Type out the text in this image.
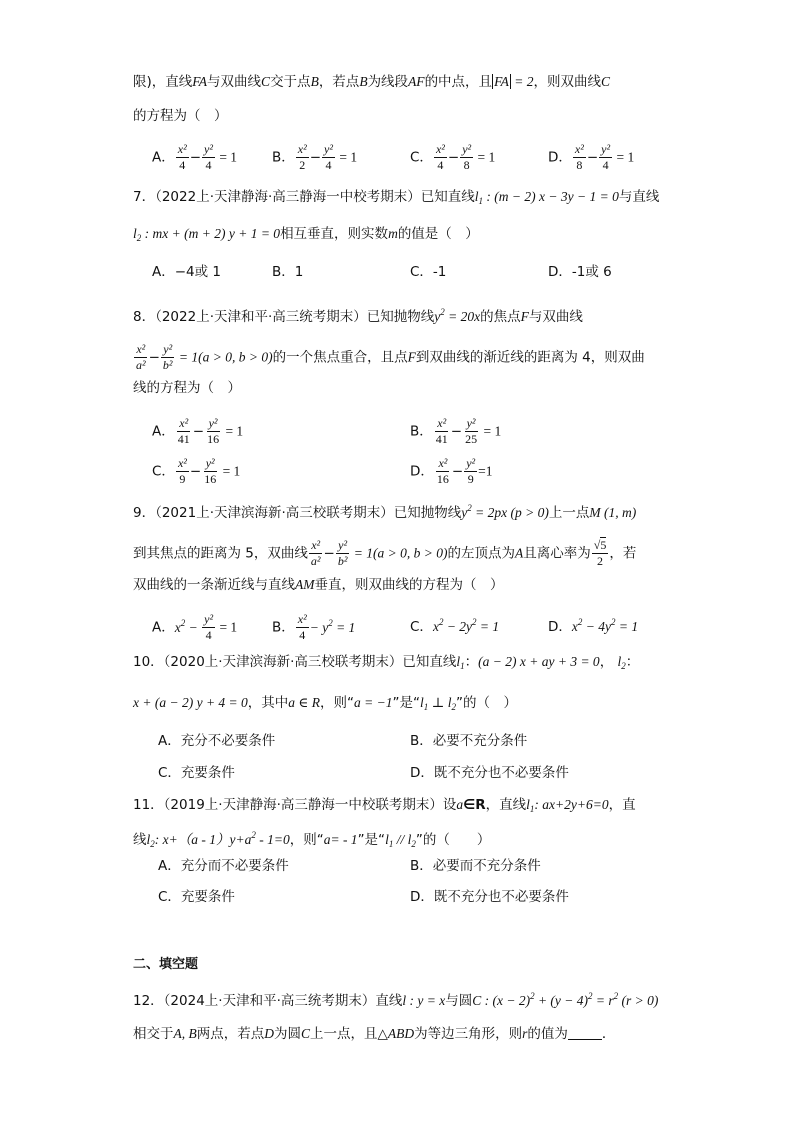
限)，直线FA与双曲线C交于点B，若点B为线段AF的中点，且 FA = 2，则双曲线C
的方程为（　）
A． $\frac{\text{x²}}{4} - \frac{\text{y²}}{4} = 1$	B． $\frac{\text{x²}}{2} - \frac{\text{y²}}{4} = 1$	C． $\frac{\text{x²}}{4} - \frac{\text{y²}}{8} = 1$	D． $\frac{\text{x²}}{8} - \frac{\text{y²}}{4} = 1$
7．（2022上·天津静海·高三静海一中校考期末）已知直线$l_1$ : (m − 2) x − 3y − 1 = 0与直线
$l_2$ : mx + (m + 2) y + 1 = 0相互垂直，则实数m的值是（　）
A．−4或 1	B．1	C．-1	D．-1或 6
8．（2022上·天津和平·高三统考期末）已知抛物线$y^2 = 20x$的焦点F与双曲线
$\frac{\text{x²}}{\text{a²}} - \frac{\text{y²}}{\text{b²}} = 1(a > 0$, b > 0)的一个焦点重合，且点F到双曲线的渐近线的距离为 4，则双曲
线的方程为（　）
A． $\frac{\text{x²}}{41} - \frac{\text{y²}}{16} = 1$	B． $\frac{\text{x²}}{41} - \frac{\text{y²}}{25} = 1$
C． $\frac{\text{x²}}{9} - \frac{\text{y²}}{16} = 1$	D． $\frac{\text{x²}}{16} - \frac{\text{y²}}{9} =1$
9．（2021上·天津滨海新·高三校联考期末）已知抛物线$y^2 = 2px$ (p > 0)上一点M (1, m)
到其焦点的距离为 5，双曲线 $\frac{\text{x²}}{\text{a²}} - \frac{\text{y²}}{\text{b²}} = 1(a > 0$, b > 0)的左顶点为A且离心率为 $\frac{√5}{2}$ ，若
双曲线的一条渐近线与直线AM垂直，则双曲线的方程为（　）
A．$x^2 - \frac{\text{y²}}{4} = 1$	B． $\frac{\text{x²}}{4} - y^2 = 1$	C．$x^2 - 2y^2 = 1$	D．$x^2 - 4y^2 = 1$
10．（2020上·天津滨海新·高三校联考期末）已知直线$l_1$：(a − 2) x + ay + 3 = 0， $l_2$：
x + (a − 2) y + 4 = 0，其中a ∈ R，则“a = −1”是“$l_1$ ⊥ $l_2$”的（　）
A．充分不必要条件	B．必要不充分条件
C．充要条件	D．既不充分也不必要条件
11．（2019上·天津静海·高三静海一中校联考期末）设a∈R，直线$l_1$: ax+2y+6=0，直
线$l_2$: $x+(a - 1)y+a^2 - 1=0$，则“a= - 1”是“$l_1 // l_2$”的（　　）
A．充分而不必要条件	B．必要而不充分条件
C．充要条件	D．既不充分也不必要条件
二、填空题
12．（2024上·天津和平·高三统考期末）直线l : y = x与圆C : $(x - 2)^2 + (y - 4)^2 = r^2$ (r > 0)
相交于A, B两点，若点D为圆C上一点，且△ABD为等边三角形，则r的值为	．
